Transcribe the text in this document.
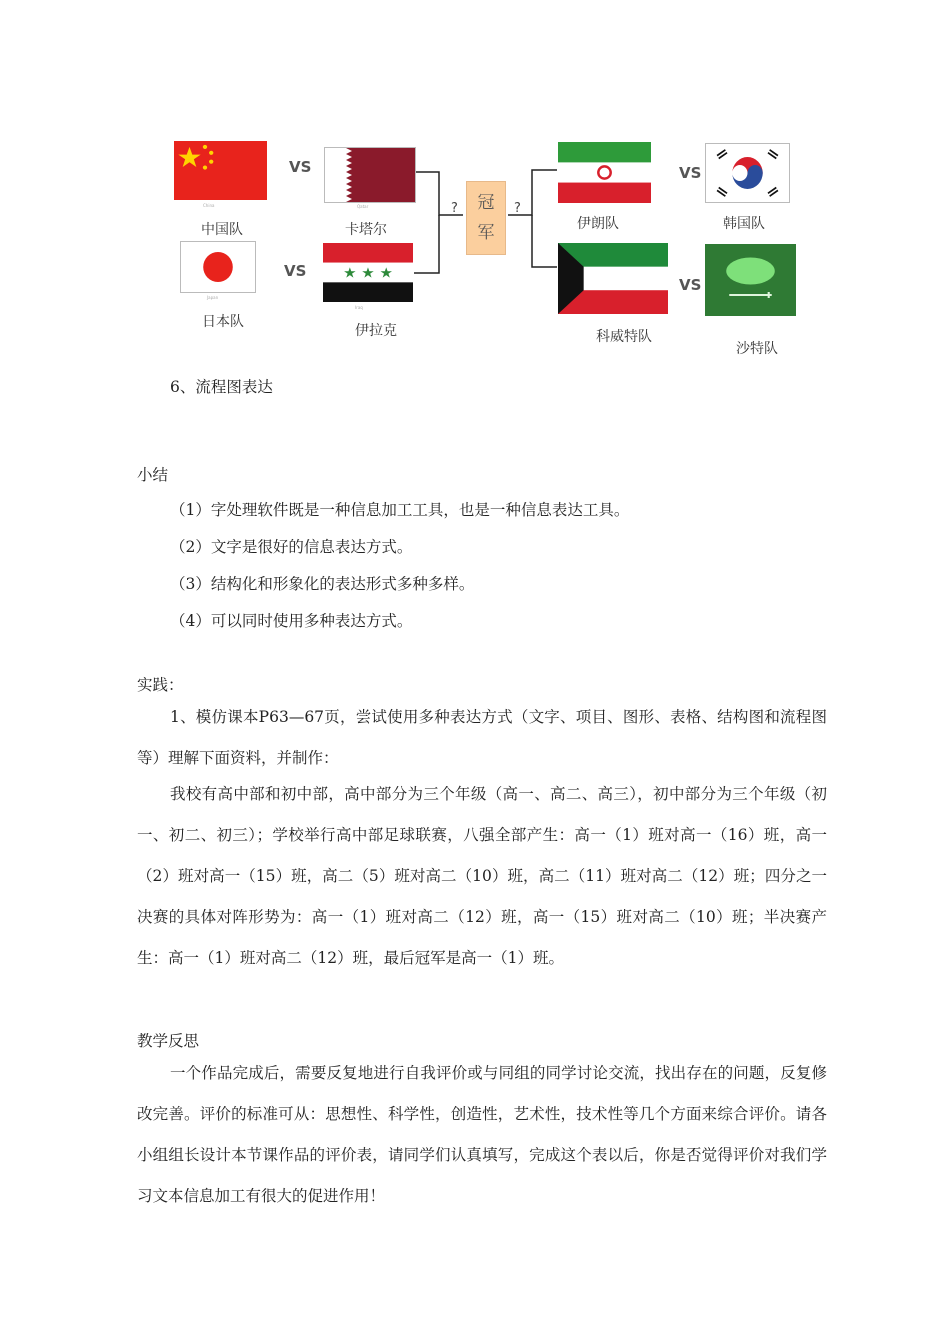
China
中国队
VS
Qatar
卡塔尔
Japan
日本队
VS	★ ★ ★
Iraq
伊拉克
?	冠
军
?
伊朗队
VS
韩国队
科威特队
VS
沙特队
6、流程图表达
小结
（1）字处理软件既是一种信息加工工具，也是一种信息表达工具。
（2）文字是很好的信息表达方式。
（3）结构化和形象化的表达形式多种多样。
（4）可以同时使用多种表达方式。
实践：
1、模仿课本P63—67页，尝试使用多种表达方式（文字、项目、图形、表格、结构图和流程图等）理解下面资料，并制作：
我校有高中部和初中部，高中部分为三个年级（高一、高二、高三），初中部分为三个年级（初一、初二、初三）；学校举行高中部足球联赛，八强全部产生：高一（1）班对高一（16）班，高一（2）班对高一（15）班，高二（5）班对高二（10）班，高二（11）班对高二（12）班；四分之一决赛的具体对阵形势为：高一（1）班对高二（12）班，高一（15）班对高二（10）班；半决赛产生：高一（1）班对高二（12）班，最后冠军是高一（1）班。
教学反思
一个作品完成后，需要反复地进行自我评价或与同组的同学讨论交流，找出存在的问题，反复修改完善。评价的标准可从：思想性、科学性，创造性，艺术性，技术性等几个方面来综合评价。请各小组组长设计本节课作品的评价表，请同学们认真填写，完成这个表以后，你是否觉得评价对我们学习文本信息加工有很大的促进作用！
